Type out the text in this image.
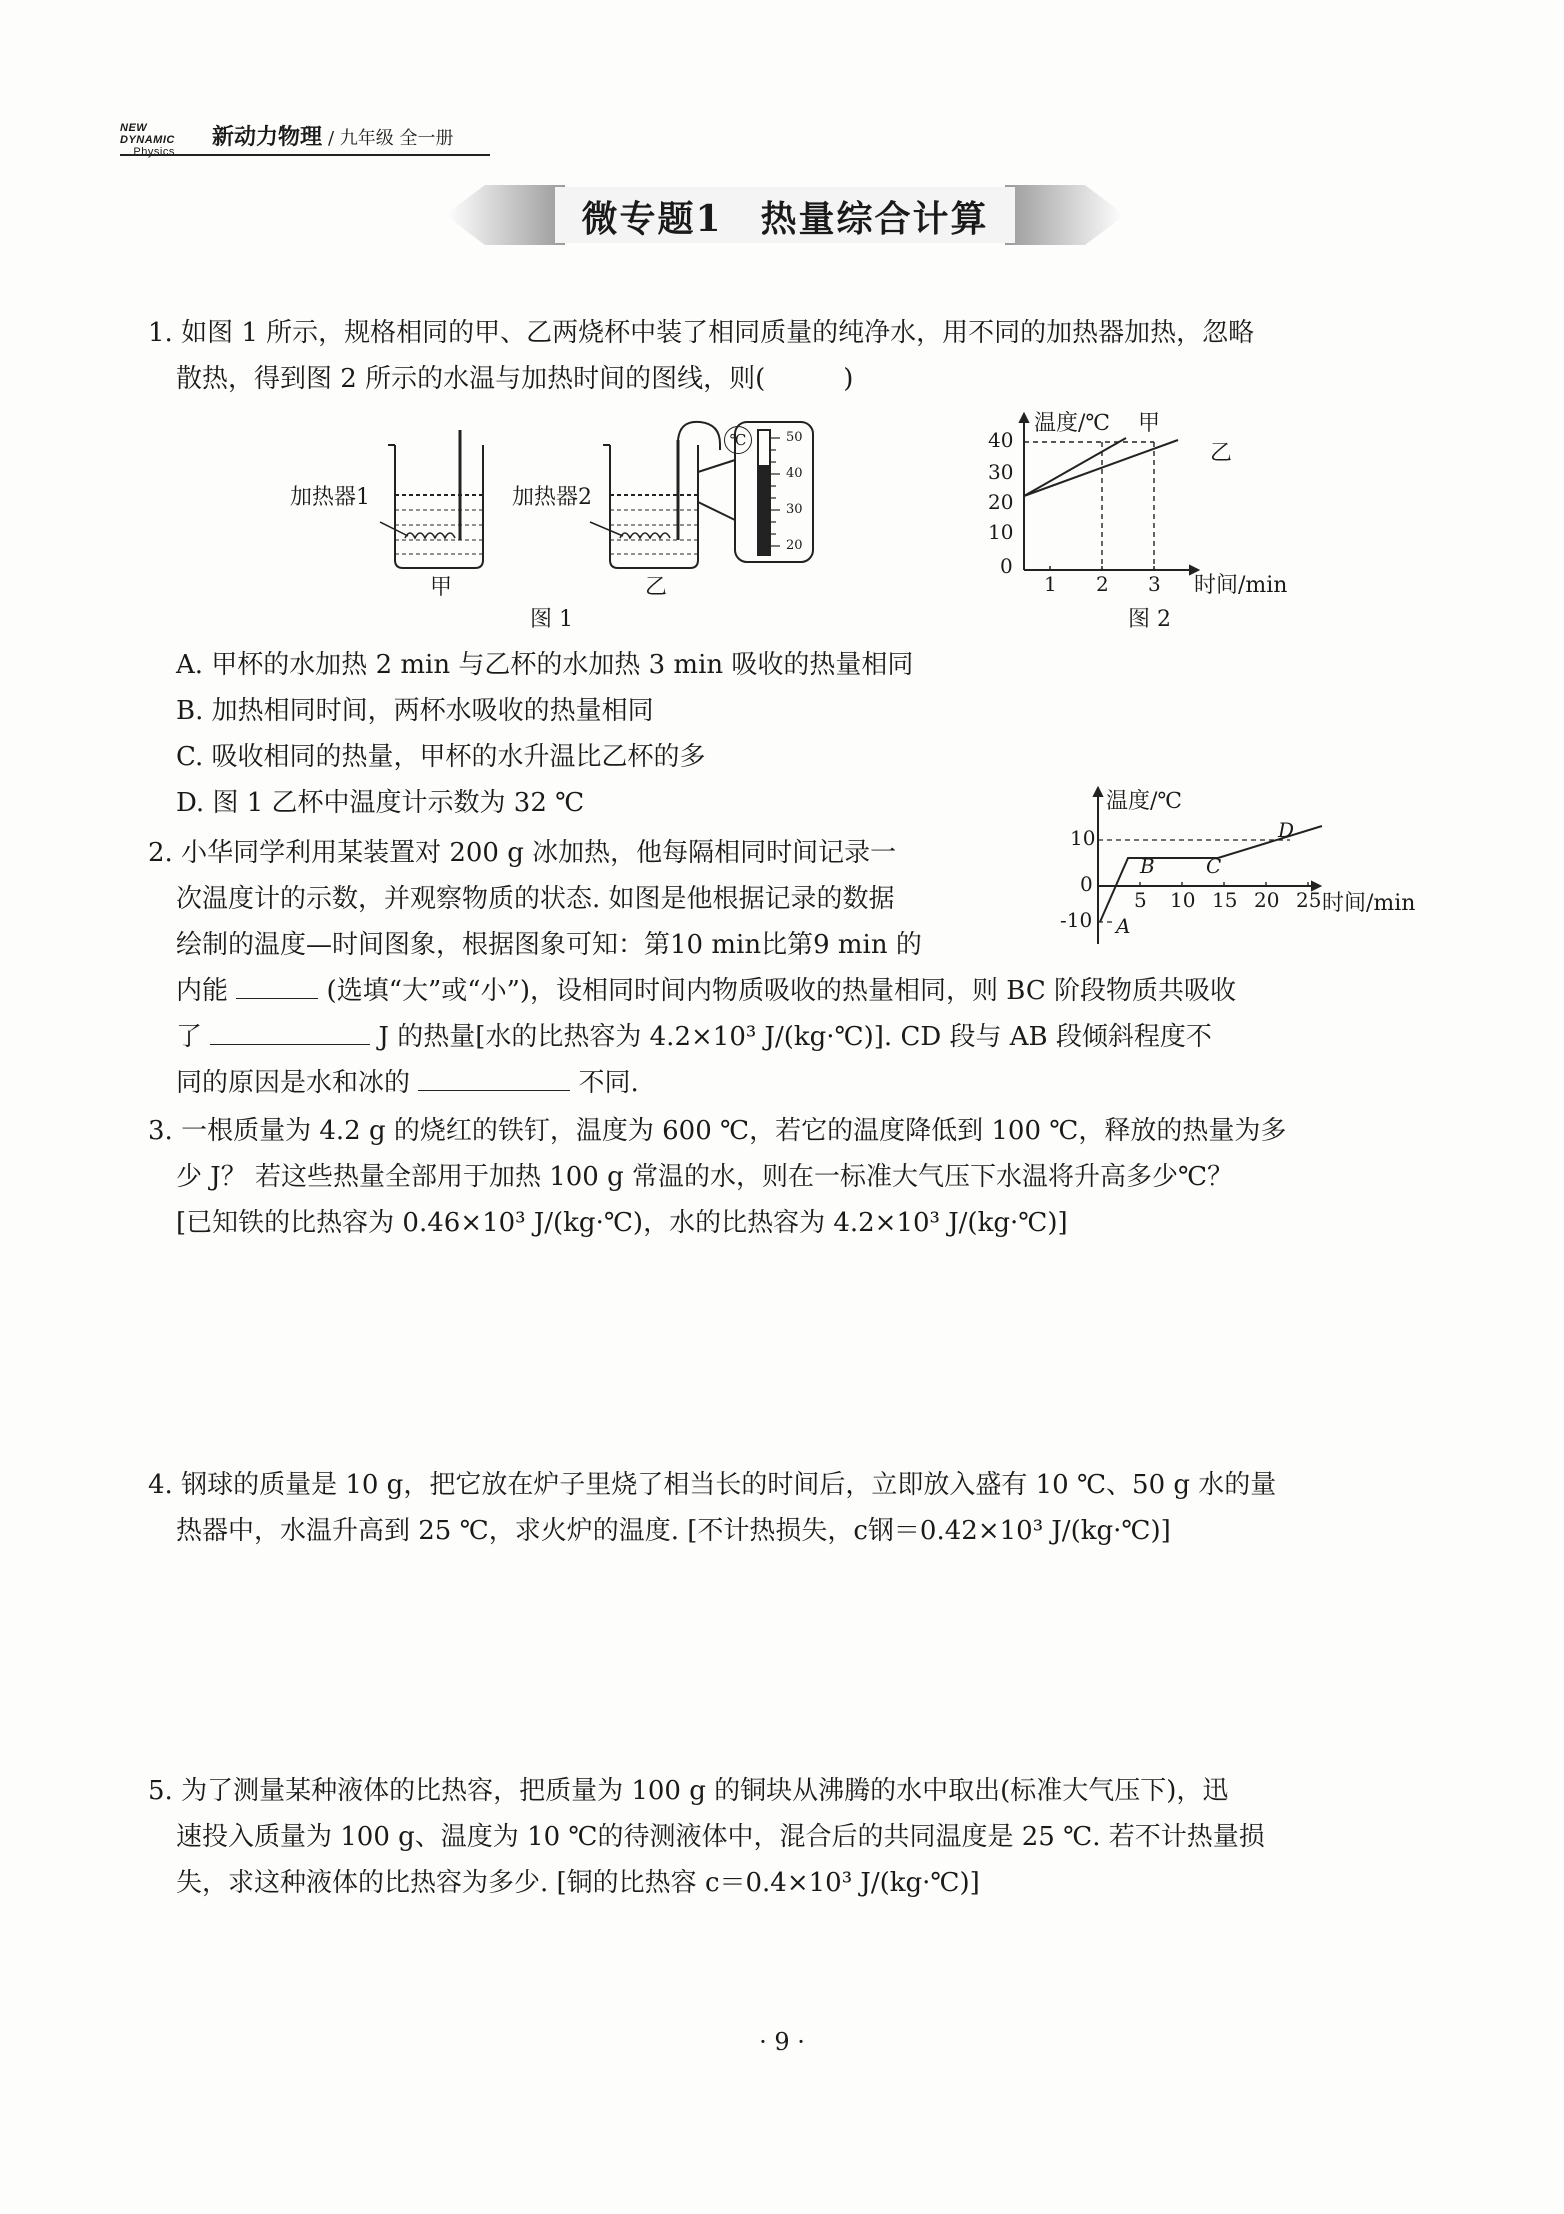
NEW DYNAMIC
Physics
新动力物理 / 九年级 全一册
微专题1　热量综合计算
1. 如图 1 所示，规格相同的甲、乙两烧杯中装了相同质量的纯净水，用不同的加热器加热，忽略
散热，得到图 2 所示的水温与加热时间的图线，则(　　　)
℃	50
40
30
20
加热器1	加热器2
甲	乙
图 1
温度/℃ 甲
乙
40
30
20
10
0
1 2 3 时间/min
图 2
A. 甲杯的水加热 2 min 与乙杯的水加热 3 min 吸收的热量相同
B. 加热相同时间，两杯水吸收的热量相同
C. 吸收相同的热量，甲杯的水升温比乙杯的多
D. 图 1 乙杯中温度计示数为 32 ℃	温度/℃
10
0
-10
5 10 15 20 25 时间/min
A
B	C
D
2. 小华同学利用某装置对 200 g 冰加热，他每隔相同时间记录一
次温度计的示数，并观察物质的状态. 如图是他根据记录的数据
绘制的温度—时间图象，根据图象可知：第10 min比第9 min 的
内能	(选填“大”或“小”)，设相同时间内物质吸收的热量相同，则 BC 阶段物质共吸收
了	J 的热量[水的比热容为 4.2×10³ J/(kg·℃)]. CD 段与 AB 段倾斜程度不
同的原因是水和冰的	不同.
3. 一根质量为 4.2 g 的烧红的铁钉，温度为 600 ℃，若它的温度降低到 100 ℃，释放的热量为多
少 J？ 若这些热量全部用于加热 100 g 常温的水，则在一标准大气压下水温将升高多少℃？
[已知铁的比热容为 0.46×10³ J/(kg·℃)，水的比热容为 4.2×10³ J/(kg·℃)]
4. 钢球的质量是 10 g，把它放在炉子里烧了相当长的时间后，立即放入盛有 10 ℃、50 g 水的量
热器中，水温升高到 25 ℃，求火炉的温度. [不计热损失，c钢＝0.42×10³ J/(kg·℃)]
5. 为了测量某种液体的比热容，把质量为 100 g 的铜块从沸腾的水中取出(标准大气压下)，迅
速投入质量为 100 g、温度为 10 ℃的待测液体中，混合后的共同温度是 25 ℃. 若不计热量损
失，求这种液体的比热容为多少. [铜的比热容 c＝0.4×10³ J/(kg·℃)]
· 9 ·
